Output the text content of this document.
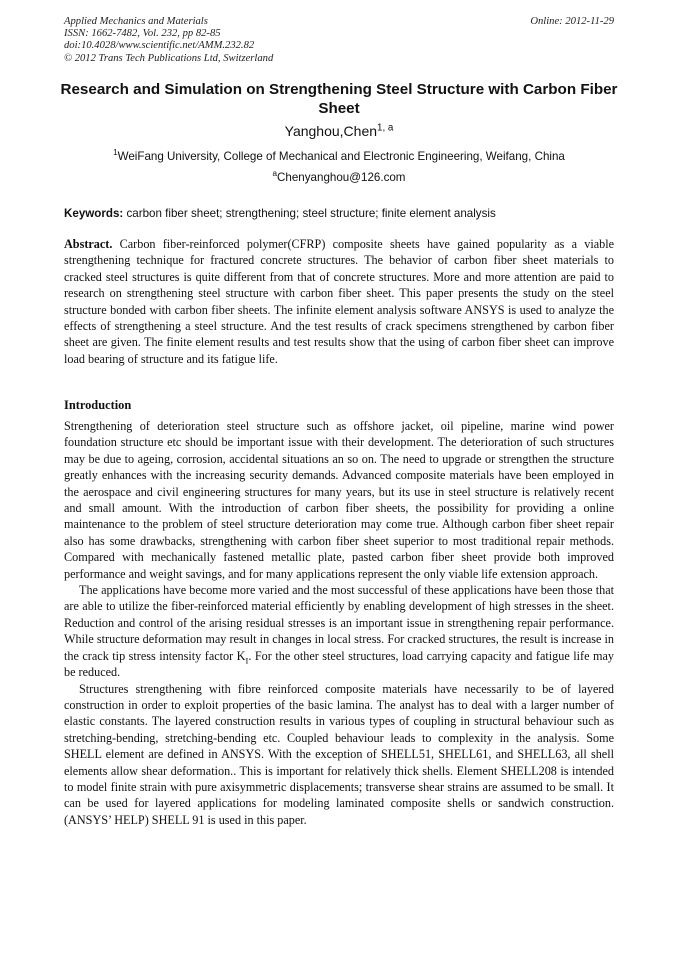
Applied Mechanics and Materials
ISSN: 1662-7482, Vol. 232, pp 82-85
doi:10.4028/www.scientific.net/AMM.232.82
© 2012 Trans Tech Publications Ltd, Switzerland
Online: 2012-11-29
Research and Simulation on Strengthening Steel Structure with Carbon Fiber Sheet
Yanghou,Chen$^{1, a}$
$^1$WeiFang University, College of Mechanical and Electronic Engineering, Weifang, China
$^a$Chenyanghou@126.com
Keywords: carbon fiber sheet; strengthening; steel structure; finite element analysis
Abstract. Carbon fiber-reinforced polymer(CFRP) composite sheets have gained popularity as a viable strengthening technique for fractured concrete structures. The behavior of carbon fiber sheet materials to cracked steel structures is quite different from that of concrete structures. More and more attention are paid to research on strengthening steel structure with carbon fiber sheet. This paper presents the study on the steel structure bonded with carbon fiber sheets. The infinite element analysis software ANSYS is used to analyze the effects of strengthening a steel structure. And the test results of crack specimens strengthened by carbon fiber sheet are given. The finite element results and test results show that the using of carbon fiber sheet can improve load bearing of structure and its fatigue life.
Introduction

Strengthening of deterioration steel structure such as offshore jacket, oil pipeline, marine wind power foundation structure etc should be important issue with their development. The deterioration of such structures may be due to ageing, corrosion, accidental situations an so on. The need to upgrade or strengthen the structure greatly enhances with the increasing security demands. Advanced composite materials have been employed in the aerospace and civil engineering structures for many years, but its use in steel structure is relatively recent and small amount. With the introduction of carbon fiber sheets, the possibility for providing a online maintenance to the problem of steel structure deterioration may come true. Although carbon fiber sheet repair also has some drawbacks, strengthening with carbon fiber sheet superior to most traditional repair methods. Compared with mechanically fastened metallic plate, pasted carbon fiber sheet provide both improved performance and weight savings, and for many applications represent the only viable life extension approach.

The applications have become more varied and the most successful of these applications have been those that are able to utilize the fiber-reinforced material efficiently by enabling development of high stresses in the sheet. Reduction and control of the arising residual stresses is an important issue in strengthening repair performance. While structure deformation may result in changes in local stress. For cracked structures, the result is increase in the crack tip stress intensity factor $K_I$. For the other steel structures, load carrying capacity and fatigue life may be reduced.

Structures strengthening with fibre reinforced composite materials have necessarily to be of layered construction in order to exploit properties of the basic lamina. The analyst has to deal with a larger number of elastic constants. The layered construction results in various types of coupling in structural behaviour such as stretching-bending, stretching-bending etc. Coupled behaviour leads to complexity in the analysis. Some SHELL element are defined in ANSYS. With the exception of SHELL51, SHELL61, and SHELL63, all shell elements allow shear deformation.. This is important for relatively thick shells. Element SHELL208 is intended to model finite strain with pure axisymmetric displacements; transverse shear strains are assumed to be small. It can be used for layered applications for modeling laminated composite shells or sandwich construction.(ANSYS’ HELP) SHELL 91 is used in this paper.
